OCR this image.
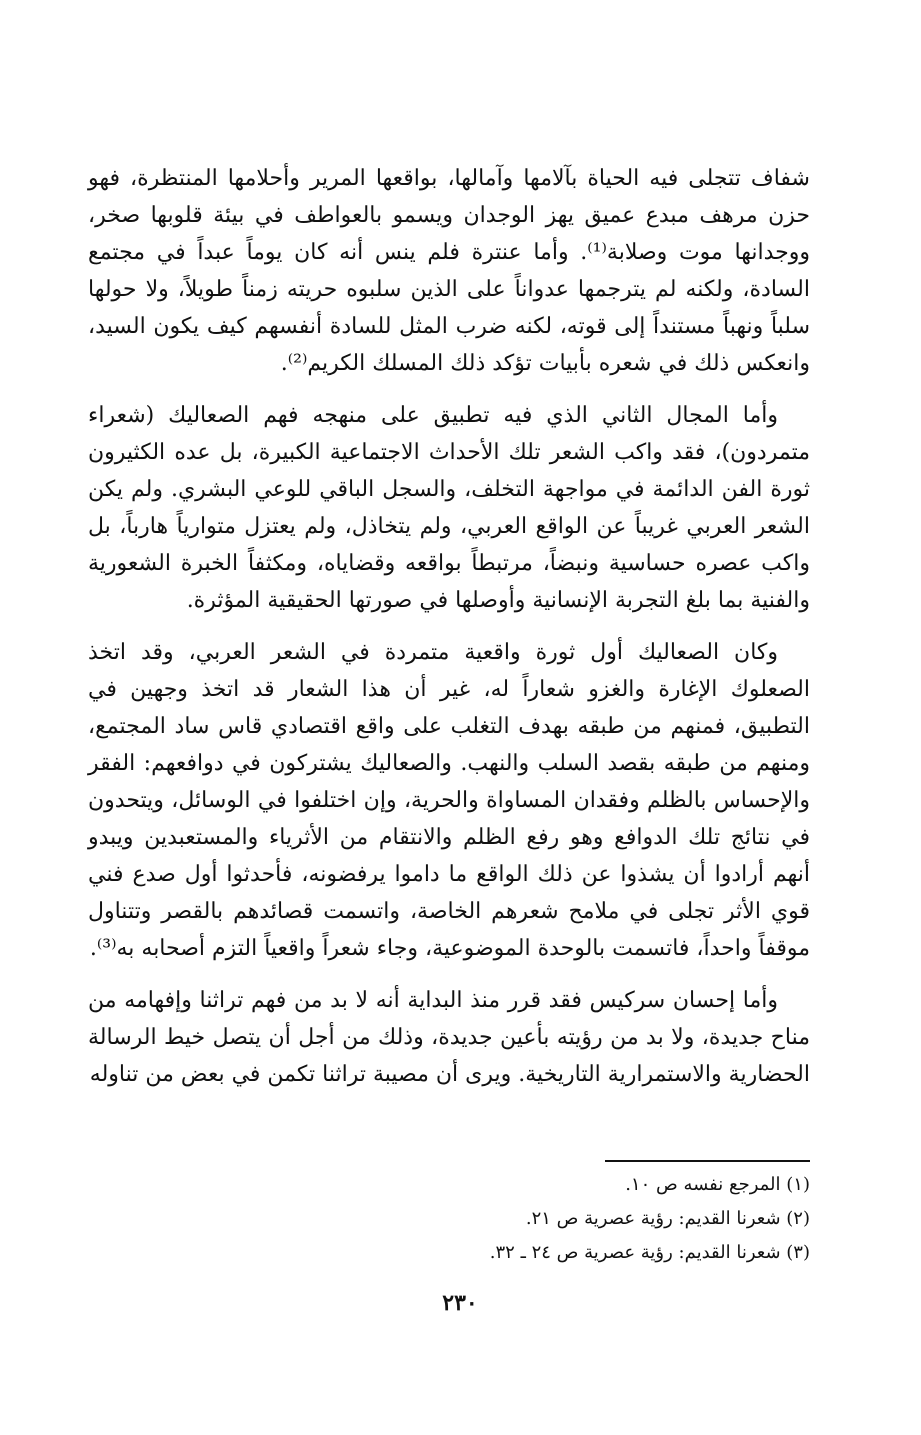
شفاف تتجلى فيه الحياة بآلامها وآمالها، بواقعها المرير وأحلامها المنتظرة، فهو حزن مرهف مبدع عميق يهز الوجدان ويسمو بالعواطف في بيئة قلوبها صخر، ووجدانها موت وصلابة⁽¹⁾. وأما عنترة فلم ينس أنه كان يوماً عبداً في مجتمع السادة، ولكنه لم يترجمها عدواناً على الذين سلبوه حريته زمناً طويلاً، ولا حولها سلباً ونهباً مستنداً إلى قوته، لكنه ضرب المثل للسادة أنفسهم كيف يكون السيد، وانعكس ذلك في شعره بأبيات تؤكد ذلك المسلك الكريم⁽²⁾.

وأما المجال الثاني الذي فيه تطبيق على منهجه فهم الصعاليك (شعراء متمردون)، فقد واكب الشعر تلك الأحداث الاجتماعية الكبيرة، بل عده الكثيرون ثورة الفن الدائمة في مواجهة التخلف، والسجل الباقي للوعي البشري. ولم يكن الشعر العربي غريباً عن الواقع العربي، ولم يتخاذل، ولم يعتزل متوارياً هارباً، بل واكب عصره حساسية ونبضاً، مرتبطاً بواقعه وقضاياه، ومكثفاً الخبرة الشعورية والفنية بما بلغ التجربة الإنسانية وأوصلها في صورتها الحقيقية المؤثرة.

وكان الصعاليك أول ثورة واقعية متمردة في الشعر العربي، وقد اتخذ الصعلوك الإغارة والغزو شعاراً له، غير أن هذا الشعار قد اتخذ وجهين في التطبيق، فمنهم من طبقه بهدف التغلب على واقع اقتصادي قاس ساد المجتمع، ومنهم من طبقه بقصد السلب والنهب. والصعاليك يشتركون في دوافعهم: الفقر والإحساس بالظلم وفقدان المساواة والحرية، وإن اختلفوا في الوسائل، ويتحدون في نتائج تلك الدوافع وهو رفع الظلم والانتقام من الأثرياء والمستعبدين ويبدو أنهم أرادوا أن يشذوا عن ذلك الواقع ما داموا يرفضونه، فأحدثوا أول صدع فني قوي الأثر تجلى في ملامح شعرهم الخاصة، واتسمت قصائدهم بالقصر وتتناول موقفاً واحداً، فاتسمت بالوحدة الموضوعية، وجاء شعراً واقعياً التزم أصحابه به⁽³⁾.

وأما إحسان سركيس فقد قرر منذ البداية أنه لا بد من فهم تراثنا وإفهامه من مناح جديدة، ولا بد من رؤيته بأعين جديدة، وذلك من أجل أن يتصل خيط الرسالة الحضارية والاستمرارية التاريخية. ويرى أن مصيبة تراثنا تكمن في بعض من تناوله

(١) المرجع نفسه ص ١٠.

(٢) شعرنا القديم: رؤية عصرية ص ٢١.

(٣) شعرنا القديم: رؤية عصرية ص ٢٤ ـ ٣٢.

٢٣٠
